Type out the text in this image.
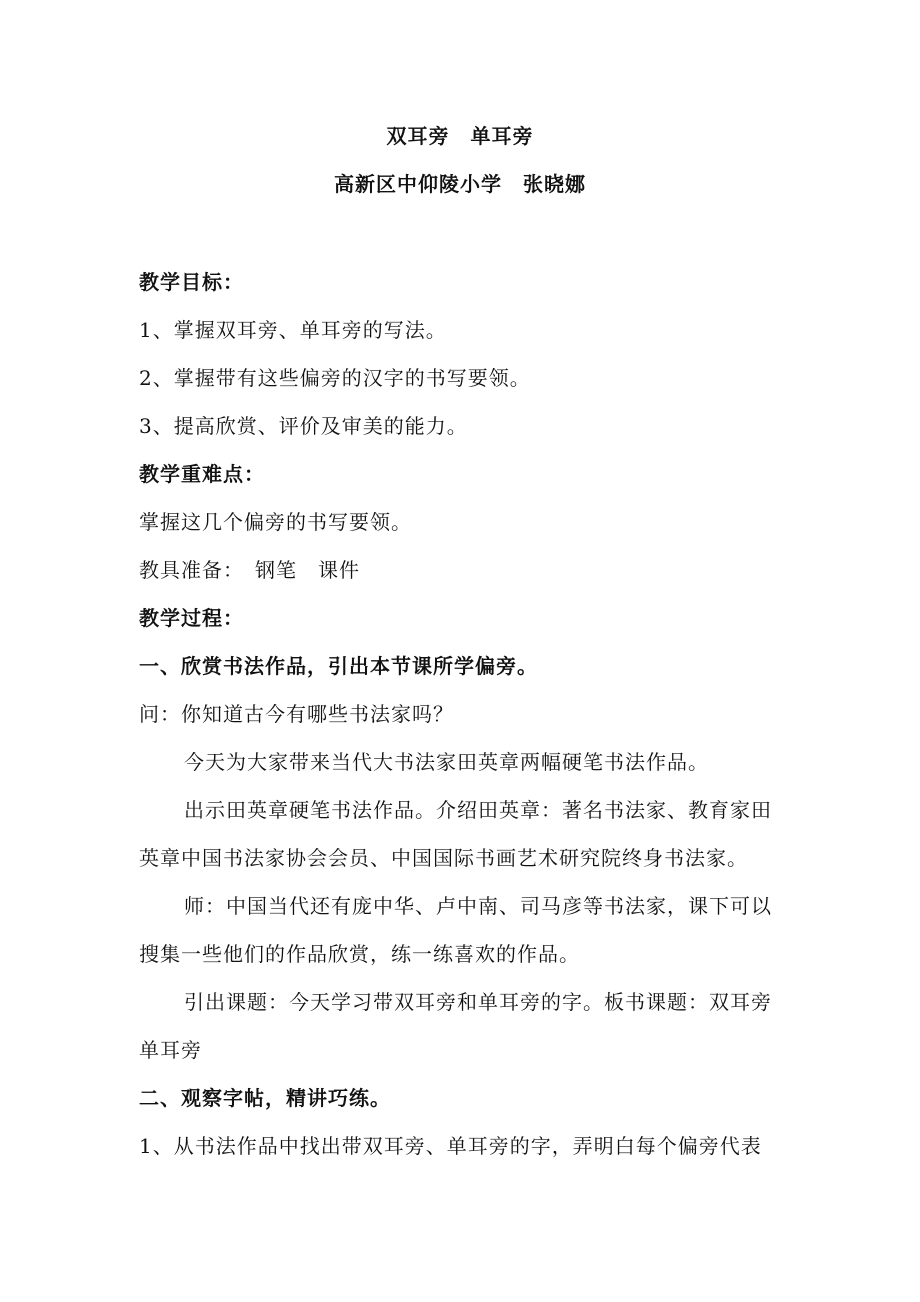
双耳旁　单耳旁
高新区中仰陵小学　张晓娜
教学目标：
1、掌握双耳旁、单耳旁的写法。
2、掌握带有这些偏旁的汉字的书写要领。
3、提高欣赏、评价及审美的能力。
教学重难点：
掌握这几个偏旁的书写要领。
教具准备：　钢笔　课件
教学过程：
一、欣赏书法作品，引出本节课所学偏旁。
问：你知道古今有哪些书法家吗？
今天为大家带来当代大书法家田英章两幅硬笔书法作品。
出示田英章硬笔书法作品。介绍田英章：著名书法家、教育家田
英章中国书法家协会会员、中国国际书画艺术研究院终身书法家。
师：中国当代还有庞中华、卢中南、司马彦等书法家，课下可以
搜集一些他们的作品欣赏，练一练喜欢的作品。
引出课题：今天学习带双耳旁和单耳旁的字。板书课题：双耳旁
单耳旁
二、观察字帖，精讲巧练。
1、从书法作品中找出带双耳旁、单耳旁的字，弄明白每个偏旁代表
